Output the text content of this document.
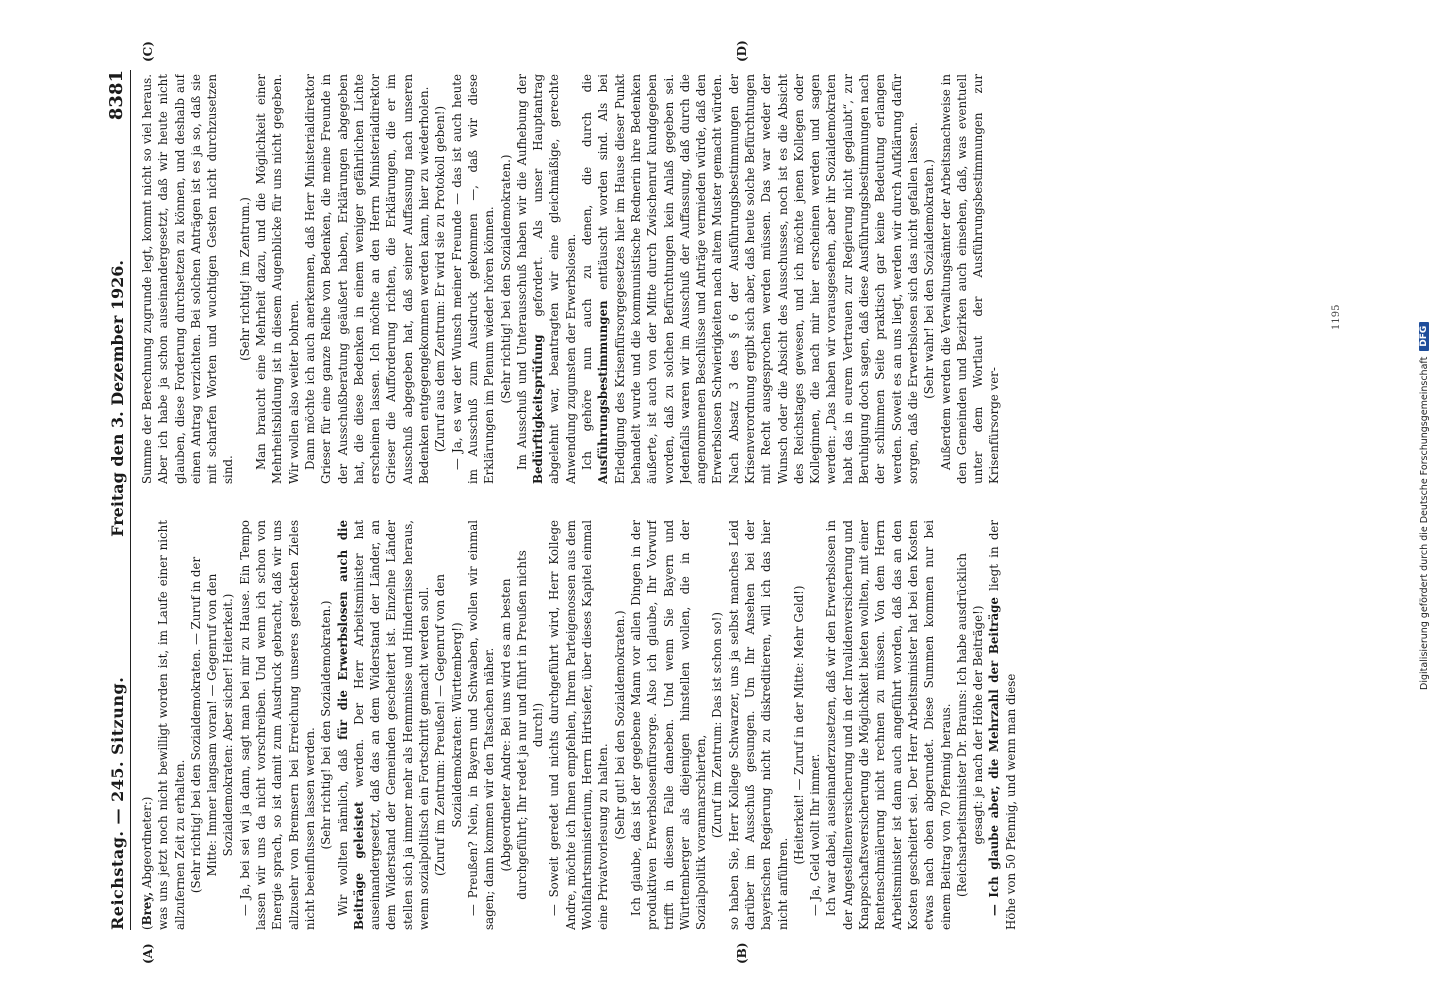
Reichstag. — 245. Sitzung.
Freitag den 3. Dezember 1926.
8381
(A)	(B)
(C)	(D)

(Brey, Abgeordneter:) was uns jetzt noch nicht bewilligt worden ist, im Laufe einer nicht allzufernen Zeit zu erhalten. (Sehr richtig! bei den Sozialdemokraten. — Zuruf in der Mitte: Immer langsam voran! — Gegenruf von den Sozialdemokraten: Aber sicher! Heiterkeit.) — Ja, bei sei wi ja dann, sagt man bei mir zu Hause. Ein Tempo lassen wir uns da nicht vorschreiben. Und wenn ich schon von Energie sprach, so ist damit zum Ausdruck gebracht, daß wir uns allzusehr von Bremsern bei Erreichung unseres gesteckten Zieles nicht beeinflussen lassen werden. (Sehr richtig! bei den Sozialdemokraten.) Wir wollten nämlich, daß für die Erwerbslosen auch die Beiträge geleistet werden. Der Herr Arbeitsminister hat auseinandergesetzt, daß das an dem Widerstand der Länder, an dem Widerstand der Gemeinden gescheitert ist. Einzelne Länder stellen sich ja immer mehr als Hemmnisse und Hindernisse heraus, wenn sozialpolitisch ein Fortschritt gemacht werden soll. (Zuruf im Zentrum: Preußen! — Gegenruf von den Sozialdemokraten: Württemberg!) — Preußen? Nein, in Bayern und Schwaben, wollen wir einmal sagen; dann kommen wir den Tatsachen näher. (Abgeordneter Andre: Bei uns wird es am besten durchgeführt; Ihr redet ja nur und führt in Preußen nichts durch!) — Soweit geredet und nichts durchgeführt wird, Herr Kollege Andre, möchte ich Ihnen empfehlen, Ihrem Parteigenossen aus dem Wohlfahrtsministerium, Herrn Hirtsiefer, über dieses Kapitel einmal eine Privatvorlesung zu halten. (Sehr gut! bei den Sozialdemokraten.) Ich glaube, das ist der gegebene Mann vor allen Dingen in der produktiven Erwerbslosenfürsorge. Also ich glaube, Ihr Vorwurf trifft in diesem Falle daneben. Und wenn Sie Bayern und Württemberger als diejenigen hinstellen wollen, die in der Sozialpolitik voranmarschierten, (Zuruf im Zentrum: Das ist schon so!) so haben Sie, Herr Kollege Schwarzer, uns ja selbst manches Leid darüber im Ausschuß gesungen. Um Ihr Ansehen bei der bayerischen Regierung nicht zu diskreditieren, will ich das hier nicht anführen.

(Heiterkeit! — Zuruf in der Mitte: Mehr Geld!) — Ja, Geld wollt Ihr immer. Ich war dabei, auseinanderzusetzen, daß wir den Erwerbslosen in der Angestelltenversicherung und in der Invalidenversicherung und Knappschaftsversicherung die Möglichkeit bieten wollten, mit einer Rentenschmälerung nicht rechnen zu müssen. Von dem Herrn Arbeitsminister ist dann auch angeführt worden, daß das an den Kosten gescheitert sei. Der Herr Arbeitsminister hat bei den Kosten etwas nach oben abgerundet. Diese Summen kommen nur bei einem Beitrag von 70 Pfennig heraus. (Reichsarbeitsminister Dr. Brauns: Ich habe ausdrücklich gesagt: je nach der Höhe der Beiträge!)

— Ich glaube aber, die Mehrzahl der Beiträge liegt in der Höhe von 50 Pfennig, und wenn man diese

Summe der Berechnung zugrunde legt, kommt nicht so viel heraus. Aber ich habe ja schon auseinandergesetzt, daß wir heute nicht glauben, diese Forderung durchsetzen zu können, und deshalb auf einen Antrag verzichten. Bei solchen Anträgen ist es ja so, daß sie mit scharfen Worten und wuchtigen Gesten nicht durchzusetzen sind.

(Sehr richtig! im Zentrum.) Man braucht eine Mehrheit dazu, und die Möglichkeit einer Mehrheitsbildung ist in diesem Augenblicke für uns nicht gegeben. Wir wollen also weiter bohren. Dann möchte ich auch anerkennen, daß Herr Ministerialdirektor Grieser für eine ganze Reihe von Bedenken, die meine Freunde in der Ausschußberatung geäußert haben, Erklärungen abgegeben hat, die diese Bedenken in einem weniger gefährlichen Lichte erscheinen lassen. Ich möchte an den Herrn Ministerialdirektor Grieser die Aufforderung richten, die Erklärungen, die er im Ausschuß abgegeben hat, daß seiner Auffassung nach unseren Bedenken entgegengekommen werden kann, hier zu wiederholen. (Zuruf aus dem Zentrum: Er wird sie zu Protokoll geben!) — Ja, es war der Wunsch meiner Freunde — das ist auch heute im Ausschuß zum Ausdruck gekommen —, daß wir diese Erklärungen im Plenum wieder hören können. (Sehr richtig! bei den Sozialdemokraten.) Im Ausschuß und Unterausschuß haben wir die Aufhebung der Bedürftigkeitsprüfung gefordert. Als unser Hauptantrag abgelehnt war, beantragten wir eine gleichmäßige, gerechte Anwendung zugunsten der Erwerbslosen. Ich gehöre nun auch zu denen, die durch die Ausführungsbestimmungen enttäuscht worden sind. Als bei Erledigung des Krisenfürsorgegesetzes hier im Hause dieser Punkt behandelt wurde und die kommunistische Rednerin ihre Bedenken äußerte, ist auch von der Mitte durch Zwischenruf kundgegeben worden, daß zu solchen Befürchtungen kein Anlaß gegeben sei. Jedenfalls waren wir im Ausschuß der Auffassung, daß durch die angenommenen Beschlüsse und Anträge vermieden würde, daß den Erwerbslosen Schwierigkeiten nach altem Muster gemacht würden. Nach Absatz 3 des § 6 der Ausführungsbestimmungen der Krisenverordnung ergibt sich aber, daß heute solche Befürchtungen mit Recht ausgesprochen werden müssen. Das war weder der Wunsch oder die Absicht des Ausschusses, noch ist es die Absicht des Reichstages gewesen, und ich möchte jenen Kollegen oder Kolleginnen, die nach mir hier erscheinen werden und sagen werden: „Das haben wir vorausgesehen, aber ihr Sozialdemokraten habt das in eurem Vertrauen zur Regierung nicht geglaubt“, zur Beruhigung doch sagen, daß diese Ausführungsbestimmungen nach der schlimmen Seite praktisch gar keine Bedeutung erlangen werden. Soweit es an uns liegt, werden wir durch Aufklärung dafür sorgen, daß die Erwerbslosen sich das nicht gefallen lassen. (Sehr wahr! bei den Sozialdemokraten.) Außerdem werden die Verwaltungsämter der Arbeitsnachweise in den Gemeinden und Bezirken auch einsehen, daß, was eventuell unter dem Wortlaut der Ausführungsbestimmungen zur Krisenfürsorge ver-

1195
Digitalisierung gefördert durch die Deutsche Forschungsgemeinschaft
DFG
